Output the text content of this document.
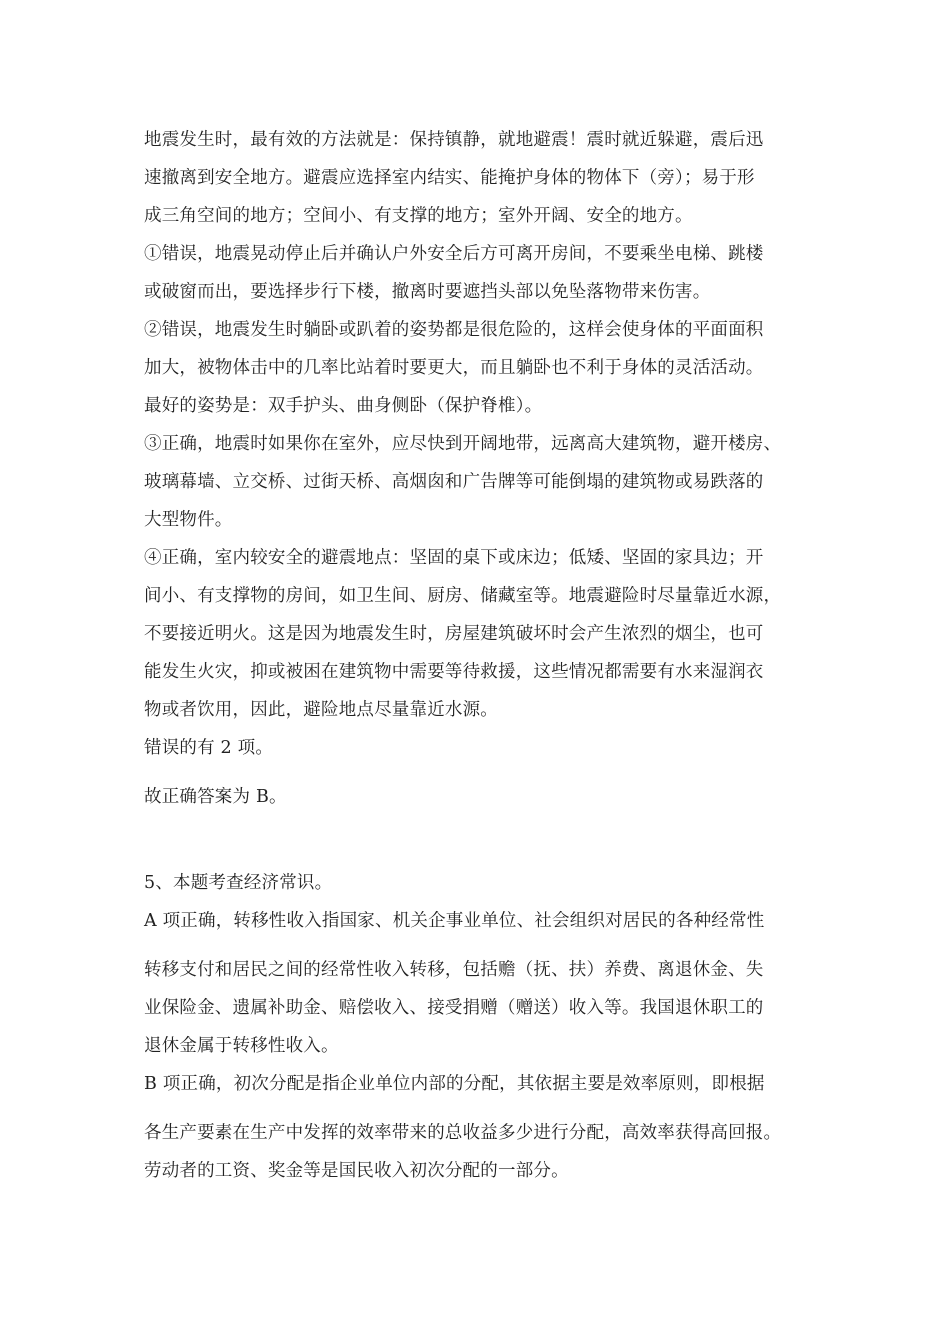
地震发生时，最有效的方法就是：保持镇静，就地避震！震时就近躲避，震后迅
速撤离到安全地方。避震应选择室内结实、能掩护身体的物体下（旁）；易于形
成三角空间的地方；空间小、有支撑的地方；室外开阔、安全的地方。
①错误，地震晃动停止后并确认户外安全后方可离开房间，不要乘坐电梯、跳楼
或破窗而出，要选择步行下楼，撤离时要遮挡头部以免坠落物带来伤害。
②错误，地震发生时躺卧或趴着的姿势都是很危险的，这样会使身体的平面面积
加大，被物体击中的几率比站着时要更大，而且躺卧也不利于身体的灵活活动。
最好的姿势是：双手护头、曲身侧卧（保护脊椎）。
③正确，地震时如果你在室外，应尽快到开阔地带，远离高大建筑物，避开楼房、
玻璃幕墙、立交桥、过街天桥、高烟囱和广告牌等可能倒塌的建筑物或易跌落的
大型物件。
④正确，室内较安全的避震地点：坚固的桌下或床边；低矮、坚固的家具边；开
间小、有支撑物的房间，如卫生间、厨房、储藏室等。地震避险时尽量靠近水源，
不要接近明火。这是因为地震发生时，房屋建筑破坏时会产生浓烈的烟尘，也可
能发生火灾，抑或被困在建筑物中需要等待救援，这些情况都需要有水来湿润衣
物或者饮用，因此，避险地点尽量靠近水源。
错误的有 2 项。
故正确答案为 B。
5、本题考查经济常识。
A 项正确，转移性收入指国家、机关企事业单位、社会组织对居民的各种经常性
转移支付和居民之间的经常性收入转移，包括赡（抚、扶）养费、离退休金、失
业保险金、遗属补助金、赔偿收入、接受捐赠（赠送）收入等。我国退休职工的
退休金属于转移性收入。
B 项正确，初次分配是指企业单位内部的分配，其依据主要是效率原则，即根据
各生产要素在生产中发挥的效率带来的总收益多少进行分配，高效率获得高回报。
劳动者的工资、奖金等是国民收入初次分配的一部分。
